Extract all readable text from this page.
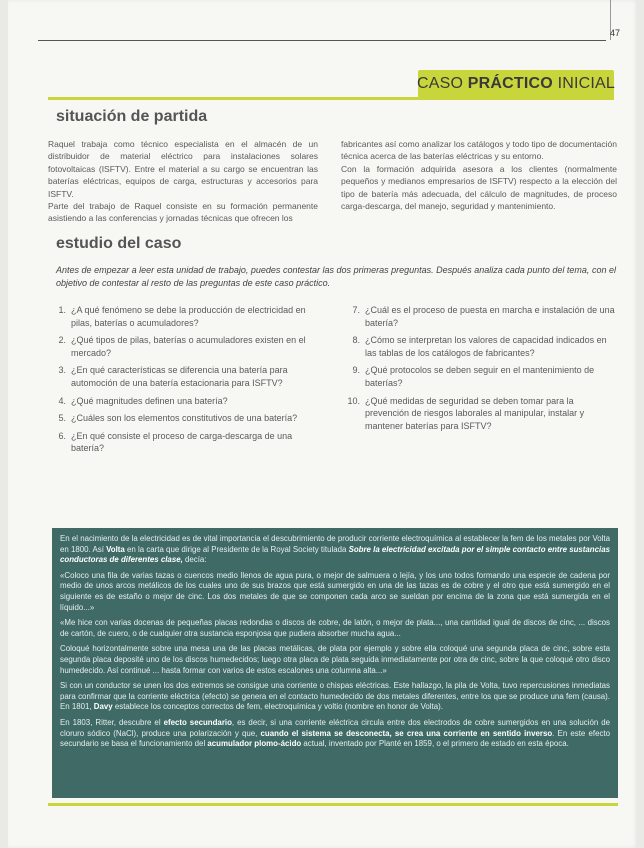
47
CASO
PRÁCTICO
INICIAL
situación de partida

Raquel trabaja como técnico especialista en el almacén de un distribuidor de material eléctrico para instalaciones solares fotovoltaicas (ISFTV). Entre el material a su cargo se encuentran las baterías eléctricas, equipos de carga, estructuras y accesorios para ISFTV.

Parte del trabajo de Raquel consiste en su formación permanente asistiendo a las conferencias y jornadas técnicas que ofrecen los

fabricantes así como analizar los catálogos y todo tipo de documentación técnica acerca de las baterías eléctricas y su entorno.

Con la formación adquirida asesora a los clientes (normalmente pequeños y medianos empresarios de ISFTV) respecto a la elección del tipo de batería más adecuada, del cálculo de magnitudes, de proceso carga-descarga, del manejo, seguridad y mantenimiento.

estudio del caso
Antes de empezar a leer esta unidad de trabajo, puedes contestar las dos primeras preguntas. Después analiza cada punto del tema, con el objetivo de contestar al resto de las preguntas de este caso práctico.
1. ¿A qué fenómeno se debe la producción de electricidad en pilas, baterías o acumuladores?
2. ¿Qué tipos de pilas, baterías o acumuladores existen en el mercado?
3. ¿En qué características se diferencia una batería para automoción de una batería estacionaria para ISFTV?
4. ¿Qué magnitudes definen una batería?
5. ¿Cuáles son los elementos constitutivos de una batería?
6. ¿En qué consiste el proceso de carga-descarga de una batería?
7. ¿Cuál es el proceso de puesta en marcha e instalación de una batería?
8. ¿Cómo se interpretan los valores de capacidad indicados en las tablas de los catálogos de fabricantes?
9. ¿Qué protocolos se deben seguir en el mantenimiento de baterías?
10. ¿Qué medidas de seguridad se deben tomar para la prevención de riesgos laborales al manipular, instalar y mantener baterías para ISFTV?

En el nacimiento de la electricidad es de vital importancia el descubrimiento de producir corriente electroquímica al establecer la fem de los metales por Volta en 1800. Así Volta en la carta que dirige al Presidente de la Royal Society titulada Sobre la electricidad excitada por el simple contacto entre sustancias conductoras de diferentes clase, decía:

«Coloco una fila de varias tazas o cuencos medio llenos de agua pura, o mejor de salmuera o lejía, y los uno todos formando una especie de cadena por medio de unos arcos metálicos de los cuales uno de sus brazos que está sumergido en una de las tazas es de cobre y el otro que está sumergido en el siguiente es de estaño o mejor de cinc. Los dos metales de que se componen cada arco se sueldan por encima de la zona que está sumergida en el líquido...»

«Me hice con varias docenas de pequeñas placas redondas o discos de cobre, de latón, o mejor de plata..., una cantidad igual de discos de cinc, ... discos de cartón, de cuero, o de cualquier otra sustancia esponjosa que pudiera absorber mucha agua...

Coloqué horizontalmente sobre una mesa una de las placas metálicas, de plata por ejemplo y sobre ella coloqué una segunda placa de cinc, sobre esta segunda placa deposité uno de los discos humedecidos; luego otra placa de plata seguida inmediatamente por otra de cinc, sobre la que coloqué otro disco humedecido. Así continué ... hasta formar con varios de estos escalones una columna alta...»

Si con un conductor se unen los dos extremos se consigue una corriente o chispas eléctricas. Este hallazgo, la pila de Volta, tuvo repercusiones inmediatas para confirmar que la corriente eléctrica (efecto) se genera en el contacto humedecido de dos metales diferentes, entre los que se produce una fem (causa). En 1801, Davy establece los conceptos correctos de fem, electroquímica y voltio (nombre en honor de Volta).

En 1803, Ritter, descubre el efecto secundario, es decir, si una corriente eléctrica circula entre dos electrodos de cobre sumergidos en una solución de cloruro sódico (NaCl), produce una polarización y que, cuando el sistema se desconecta, se crea una corriente en sentido inverso. En este efecto secundario se basa el funcionamiento del acumulador plomo-ácido actual, inventado por Planté en 1859, o el primero de estado en esta época.
